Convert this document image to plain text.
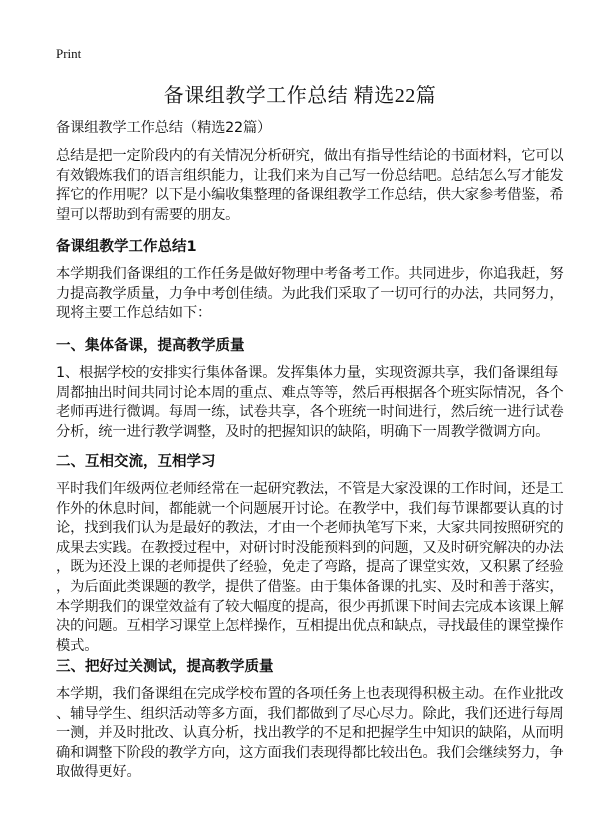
Print
备课组教学工作总结 精选22篇
备课组教学工作总结（精选22篇）
总结是把一定阶段内的有关情况分析研究，做出有指导性结论的书面材料，它可以
有效锻炼我们的语言组织能力，让我们来为自己写一份总结吧。总结怎么写才能发
挥它的作用呢？以下是小编收集整理的备课组教学工作总结，供大家参考借鉴，希
望可以帮助到有需要的朋友。
备课组教学工作总结1
本学期我们备课组的工作任务是做好物理中考备考工作。共同进步，你追我赶，努
力提高教学质量，力争中考创佳绩。为此我们采取了一切可行的办法，共同努力，
现将主要工作总结如下：
一、集体备课，提高教学质量
1、根据学校的安排实行集体备课。发挥集体力量，实现资源共享，我们备课组每
周都抽出时间共同讨论本周的重点、难点等等，然后再根据各个班实际情况，各个
老师再进行微调。每周一练，试卷共享，各个班统一时间进行，然后统一进行试卷
分析，统一进行教学调整，及时的把握知识的缺陷，明确下一周教学微调方向。
二、互相交流，互相学习
平时我们年级两位老师经常在一起研究教法，不管是大家没课的工作时间，还是工
作外的休息时间，都能就一个问题展开讨论。在教学中，我们每节课都要认真的讨
论，找到我们认为是最好的教法，才由一个老师执笔写下来，大家共同按照研究的
成果去实践。在教授过程中，对研讨时没能预料到的问题，又及时研究解决的办法
，既为还没上课的老师提供了经验，免走了弯路，提高了课堂实效，又积累了经验
，为后面此类课题的教学，提供了借鉴。由于集体备课的扎实、及时和善于落实，
本学期我们的课堂效益有了较大幅度的提高，很少再抓课下时间去完成本该课上解
决的问题。互相学习课堂上怎样操作，互相提出优点和缺点，寻找最佳的课堂操作
模式。
三、把好过关测试，提高教学质量
本学期，我们备课组在完成学校布置的各项任务上也表现得积极主动。在作业批改
、辅导学生、组织活动等多方面，我们都做到了尽心尽力。除此，我们还进行每周
一测，并及时批改、认真分析，找出教学的不足和把握学生中知识的缺陷，从而明
确和调整下阶段的教学方向，这方面我们表现得都比较出色。我们会继续努力，争
取做得更好。
